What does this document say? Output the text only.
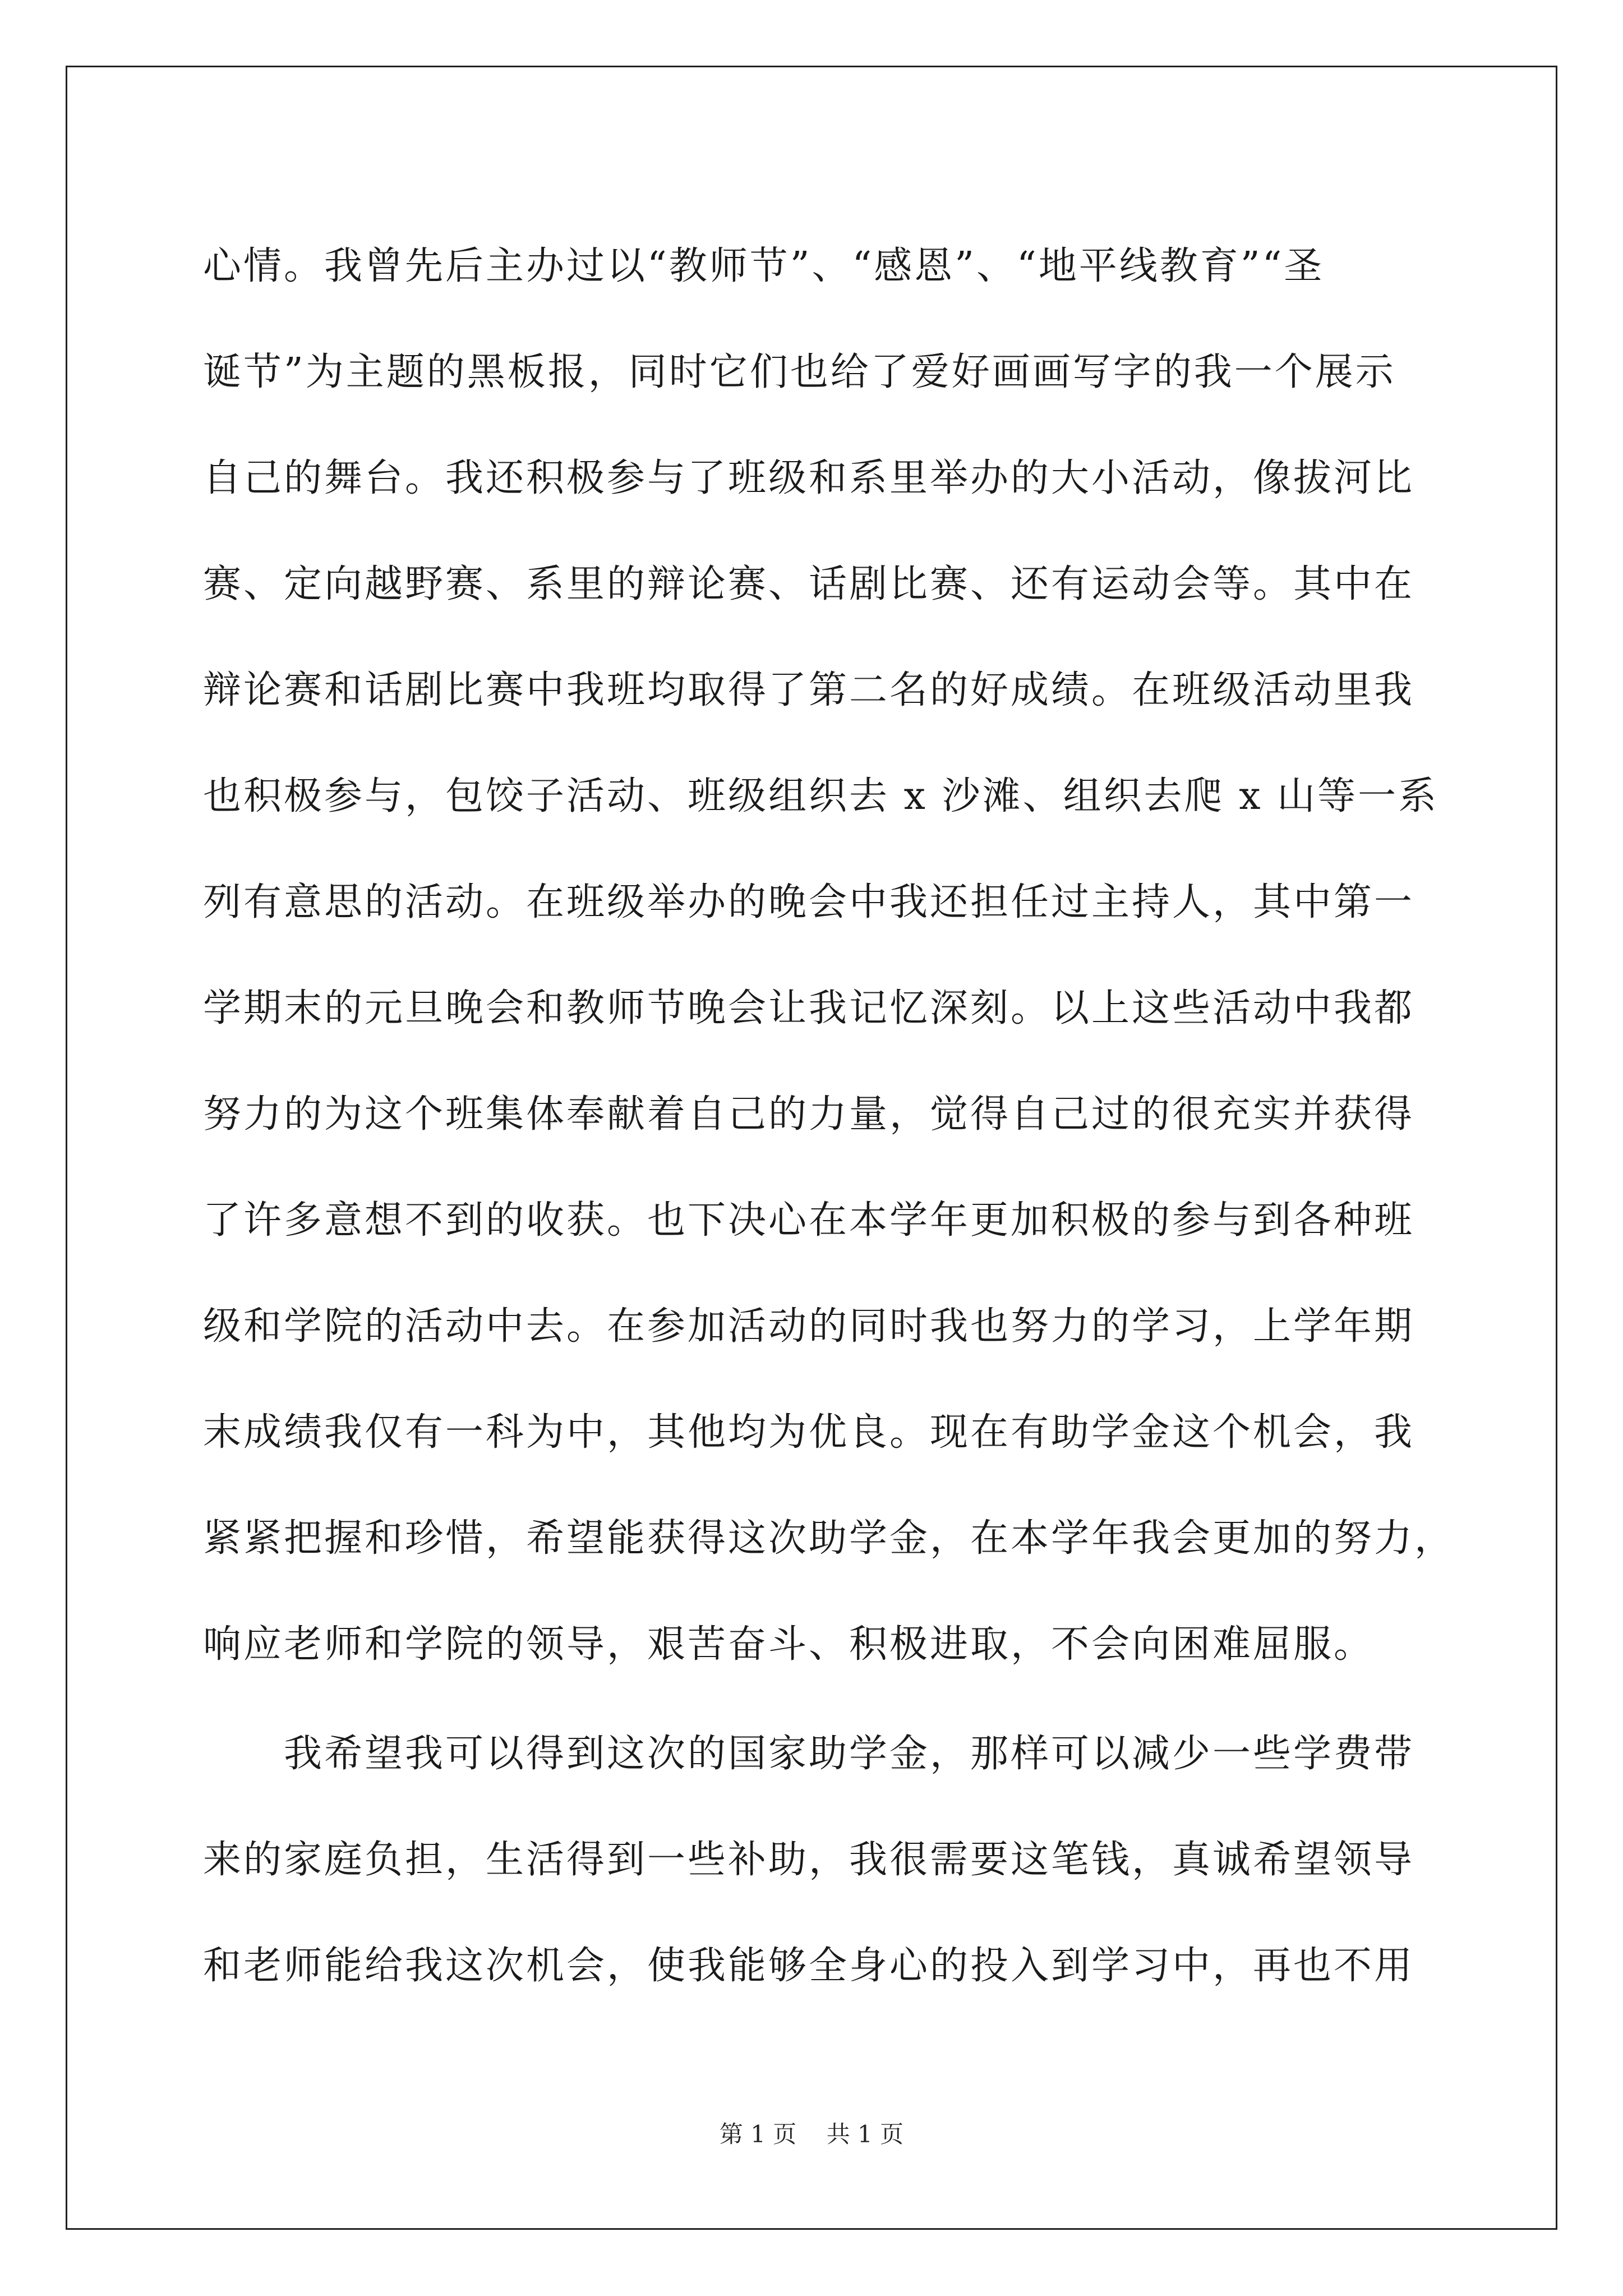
心情。我曾先后主办过以“教师节”、“感恩”、“地平线教育”“圣
诞节”为主题的黑板报，同时它们也给了爱好画画写字的我一个展示
自己的舞台。我还积极参与了班级和系里举办的大小活动，像拔河比
赛、定向越野赛、系里的辩论赛、话剧比赛、还有运动会等。其中在
辩论赛和话剧比赛中我班均取得了第二名的好成绩。在班级活动里我
也积极参与，包饺子活动、班级组织去 x 沙滩、组织去爬 x 山等一系
列有意思的活动。在班级举办的晚会中我还担任过主持人，其中第一
学期末的元旦晚会和教师节晚会让我记忆深刻。以上这些活动中我都
努力的为这个班集体奉献着自己的力量，觉得自己过的很充实并获得
了许多意想不到的收获。也下决心在本学年更加积极的参与到各种班
级和学院的活动中去。在参加活动的同时我也努力的学习，上学年期
末成绩我仅有一科为中，其他均为优良。现在有助学金这个机会，我
紧紧把握和珍惜，希望能获得这次助学金，在本学年我会更加的努力，
响应老师和学院的领导，艰苦奋斗、积极进取，不会向困难屈服。
　　我希望我可以得到这次的国家助学金，那样可以减少一些学费带
来的家庭负担，生活得到一些补助，我很需要这笔钱，真诚希望领导
和老师能给我这次机会，使我能够全身心的投入到学习中，再也不用
第 1 页    共 1 页
